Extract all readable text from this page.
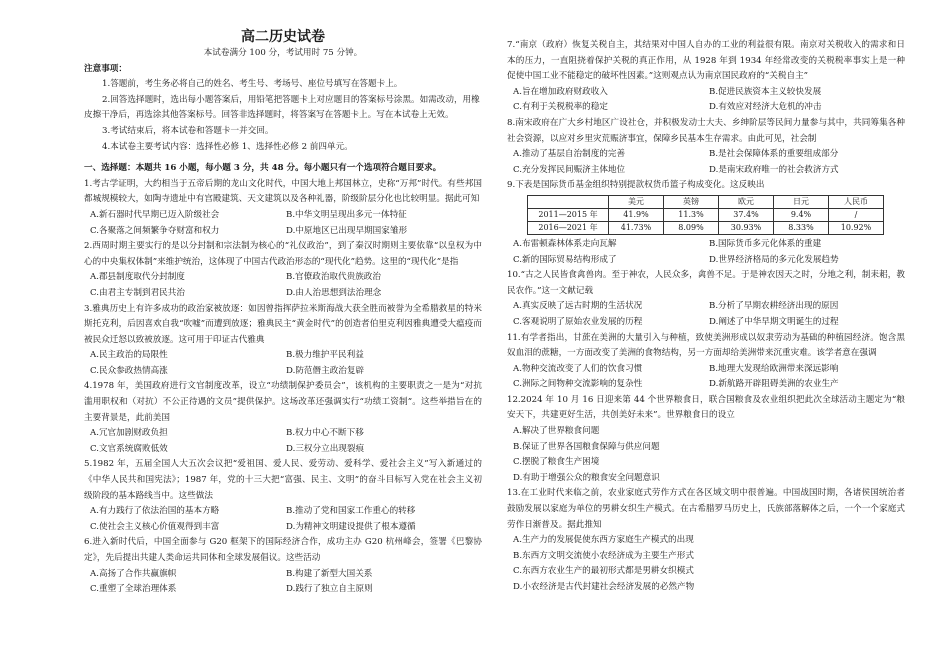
高二历史试卷
本试卷满分 100 分，考试用时 75 分钟。
注意事项：
1.答题前，考生务必将自己的姓名、考生号、考场号、座位号填写在答题卡上。
2.回答选择题时，选出每小题答案后，用铅笔把答题卡上对应题目的答案标号涂黑。如需改动，用橡皮擦干净后，再选涂其他答案标号。回答非选择题时，将答案写在答题卡上。写在本试卷上无效。
3.考试结束后，将本试卷和答题卡一并交回。
4.本试卷主要考试内容：选择性必修 1、选择性必修 2 前四单元。
一、选择题：本题共 16 小题，每小题 3 分，共 48 分。每小题只有一个选项符合题目要求。
1.考古学证明，大约相当于五帝后期的龙山文化时代，中国大地上邦国林立，史称“万邦”时代。有些邦国都城规模较大，如陶寺遗址中有宫殿建筑、天文建筑以及各种礼器，阶级阶层分化也比较明显。据此可知
A.新石器时代早期已迈入阶级社会	B.中华文明呈现出多元一体特征
C.各聚落之间频繁争夺财富和权力	D.中原地区已出现早期国家雏形
2.西周时期主要实行的是以分封制和宗法制为核心的“礼仪政治”，到了秦汉时期则主要依靠“以皇权为中心的中央集权体制”来维护统治，这体现了中国古代政治形态的“现代化”趋势。这里的“现代化”是指
A.郡县制度取代分封制度	B.官僚政治取代贵族政治
C.由君主专制到君民共治	D.由人治思想到法治理念
3.雅典历史上有许多成功的政治家被放逐：如因曾指挥萨拉米斯海战大获全胜而被誉为全希腊救星的特米斯托克利，后因喜欢自我“吹嘘”而遭到放逐；雅典民主“黄金时代”的创造者伯里克利因雅典遭受大瘟疫而被民众迁怒以致被放逐。这可用于印证古代雅典
A.民主政治的局限性	B.极力维护平民利益
C.民众参政热情高涨	D.防范僭主政治复辟
4.1978 年，美国政府进行文官制度改革，设立“功绩制保护委员会”，该机构的主要职责之一是为“对抗滥用职权和（对抗）不公正待遇的文员”提供保护。这场改革还强调实行“功绩工资制”。这些举措旨在的主要背景是，此前美国
A.冗官加剧财政负担	B.权力中心不断下移
C.文官系统腐败低效	D.三权分立出现裂痕
5.1982 年，五届全国人大五次会议把“爱祖国、爱人民、爱劳动、爱科学、爱社会主义”写入新通过的《中华人民共和国宪法》；1987 年，党的十三大把“富强、民主、文明”的奋斗目标写入党在社会主义初级阶段的基本路线当中。这些做法
A.有力践行了依法治国的基本方略	B.推动了党和国家工作重心的转移
C.使社会主义核心价值观得到丰富	D.为精神文明建设提供了根本遵循
6.进入新时代后，中国全面参与 G20 框架下的国际经济合作，成功主办 G20 杭州峰会，签署《巴黎协定》，先后提出共建人类命运共同体和全球发展倡议。这些活动
A.高扬了合作共赢旗帜	B.构建了新型大国关系
C.重塑了全球治理体系	D.践行了独立自主原则
7.“南京（政府）恢复关税自主，其结果对中国人自办的工业的利益很有限。南京对关税收入的需求和日本的压力，一直阻挠着保护关税的真正作用，从 1928 年到 1934 年经常改变的关税税率事实上是一种促使中国工业不能稳定的破坏性因素。”这则观点认为南京国民政府的“关税自主”
A.旨在增加政府财政收入	B.促进民族资本主义较快发展
C.有利于关税税率的稳定	D.有效应对经济大危机的冲击
8.南宋政府在广大乡村地区广设社仓，并积极发动士大夫、乡绅阶层等民间力量参与其中，共同筹集各种社会资源，以应对乡里灾荒赈济事宜，保障乡民基本生存需求。由此可见，社会制
A.推动了基层自治制度的完善	B.是社会保障体系的重要组成部分
C.充分发挥民间赈济主体地位	D.是南宋政府唯一的社会救济方式
9.下表是国际货币基金组织特别提款权货币篮子构成变化。这反映出
	美元	英镑	欧元	日元	人民币
2011—2015 年	41.9%	11.3%	37.4%	9.4%	/
2016—2021 年	41.73%	8.09%	30.93%	8.33%	10.92%
A.布雷顿森林体系走向瓦解	B.国际货币多元化体系的重建
C.新的国际贸易结构形成了	D.世界经济格局的多元化发展趋势
10.“古之人民皆食禽兽肉。至于神农，人民众多，禽兽不足。于是神农因天之时，分地之利，制耒耜，教民农作。”这一文献记载
A.真实反映了远古时期的生活状况	B.分析了早期农耕经济出现的原因
C.客观说明了原始农业发展的历程	D.阐述了中华早期文明诞生的过程
11.有学者指出，甘蔗在美洲的大量引入与种植，致使美洲形成以奴隶劳动为基础的种植园经济。饱含黑奴血泪的蔗糖，一方面改变了美洲的食物结构，另一方面却给美洲带来沉重灾难。该学者意在强调
A.物种交流改变了人们的饮食习惯	B.地理大发现给欧洲带来深远影响
C.洲际之间物种交流影响的复杂性	D.新航路开辟阻碍美洲的农业生产
12.2024 年 10 月 16 日迎来第 44 个世界粮食日，联合国粮食及农业组织把此次全球活动主题定为“粮安天下，共建更好生活，共创美好未来”。世界粮食日的设立
A.解决了世界粮食问题
B.保证了世界各国粮食保障与供应问题
C.摆脱了粮食生产困境
D.有助于增强公众的粮食安全问题意识
13.在工业时代来临之前，农业家庭式劳作方式在各区域文明中很普遍。中国战国时期，各诸侯国统治者鼓励发展以家庭为单位的男耕女织生产模式。在古希腊罗马历史上，氏族部落解体之后，一个一个家庭式劳作日渐普及。据此推知
A.生产力的发展促使东西方家庭生产模式的出现
B.东西方文明交流使小农经济成为主要生产形式
C.东西方农业生产的最初形式都是男耕女织模式
D.小农经济是古代封建社会经济发展的必然产物
